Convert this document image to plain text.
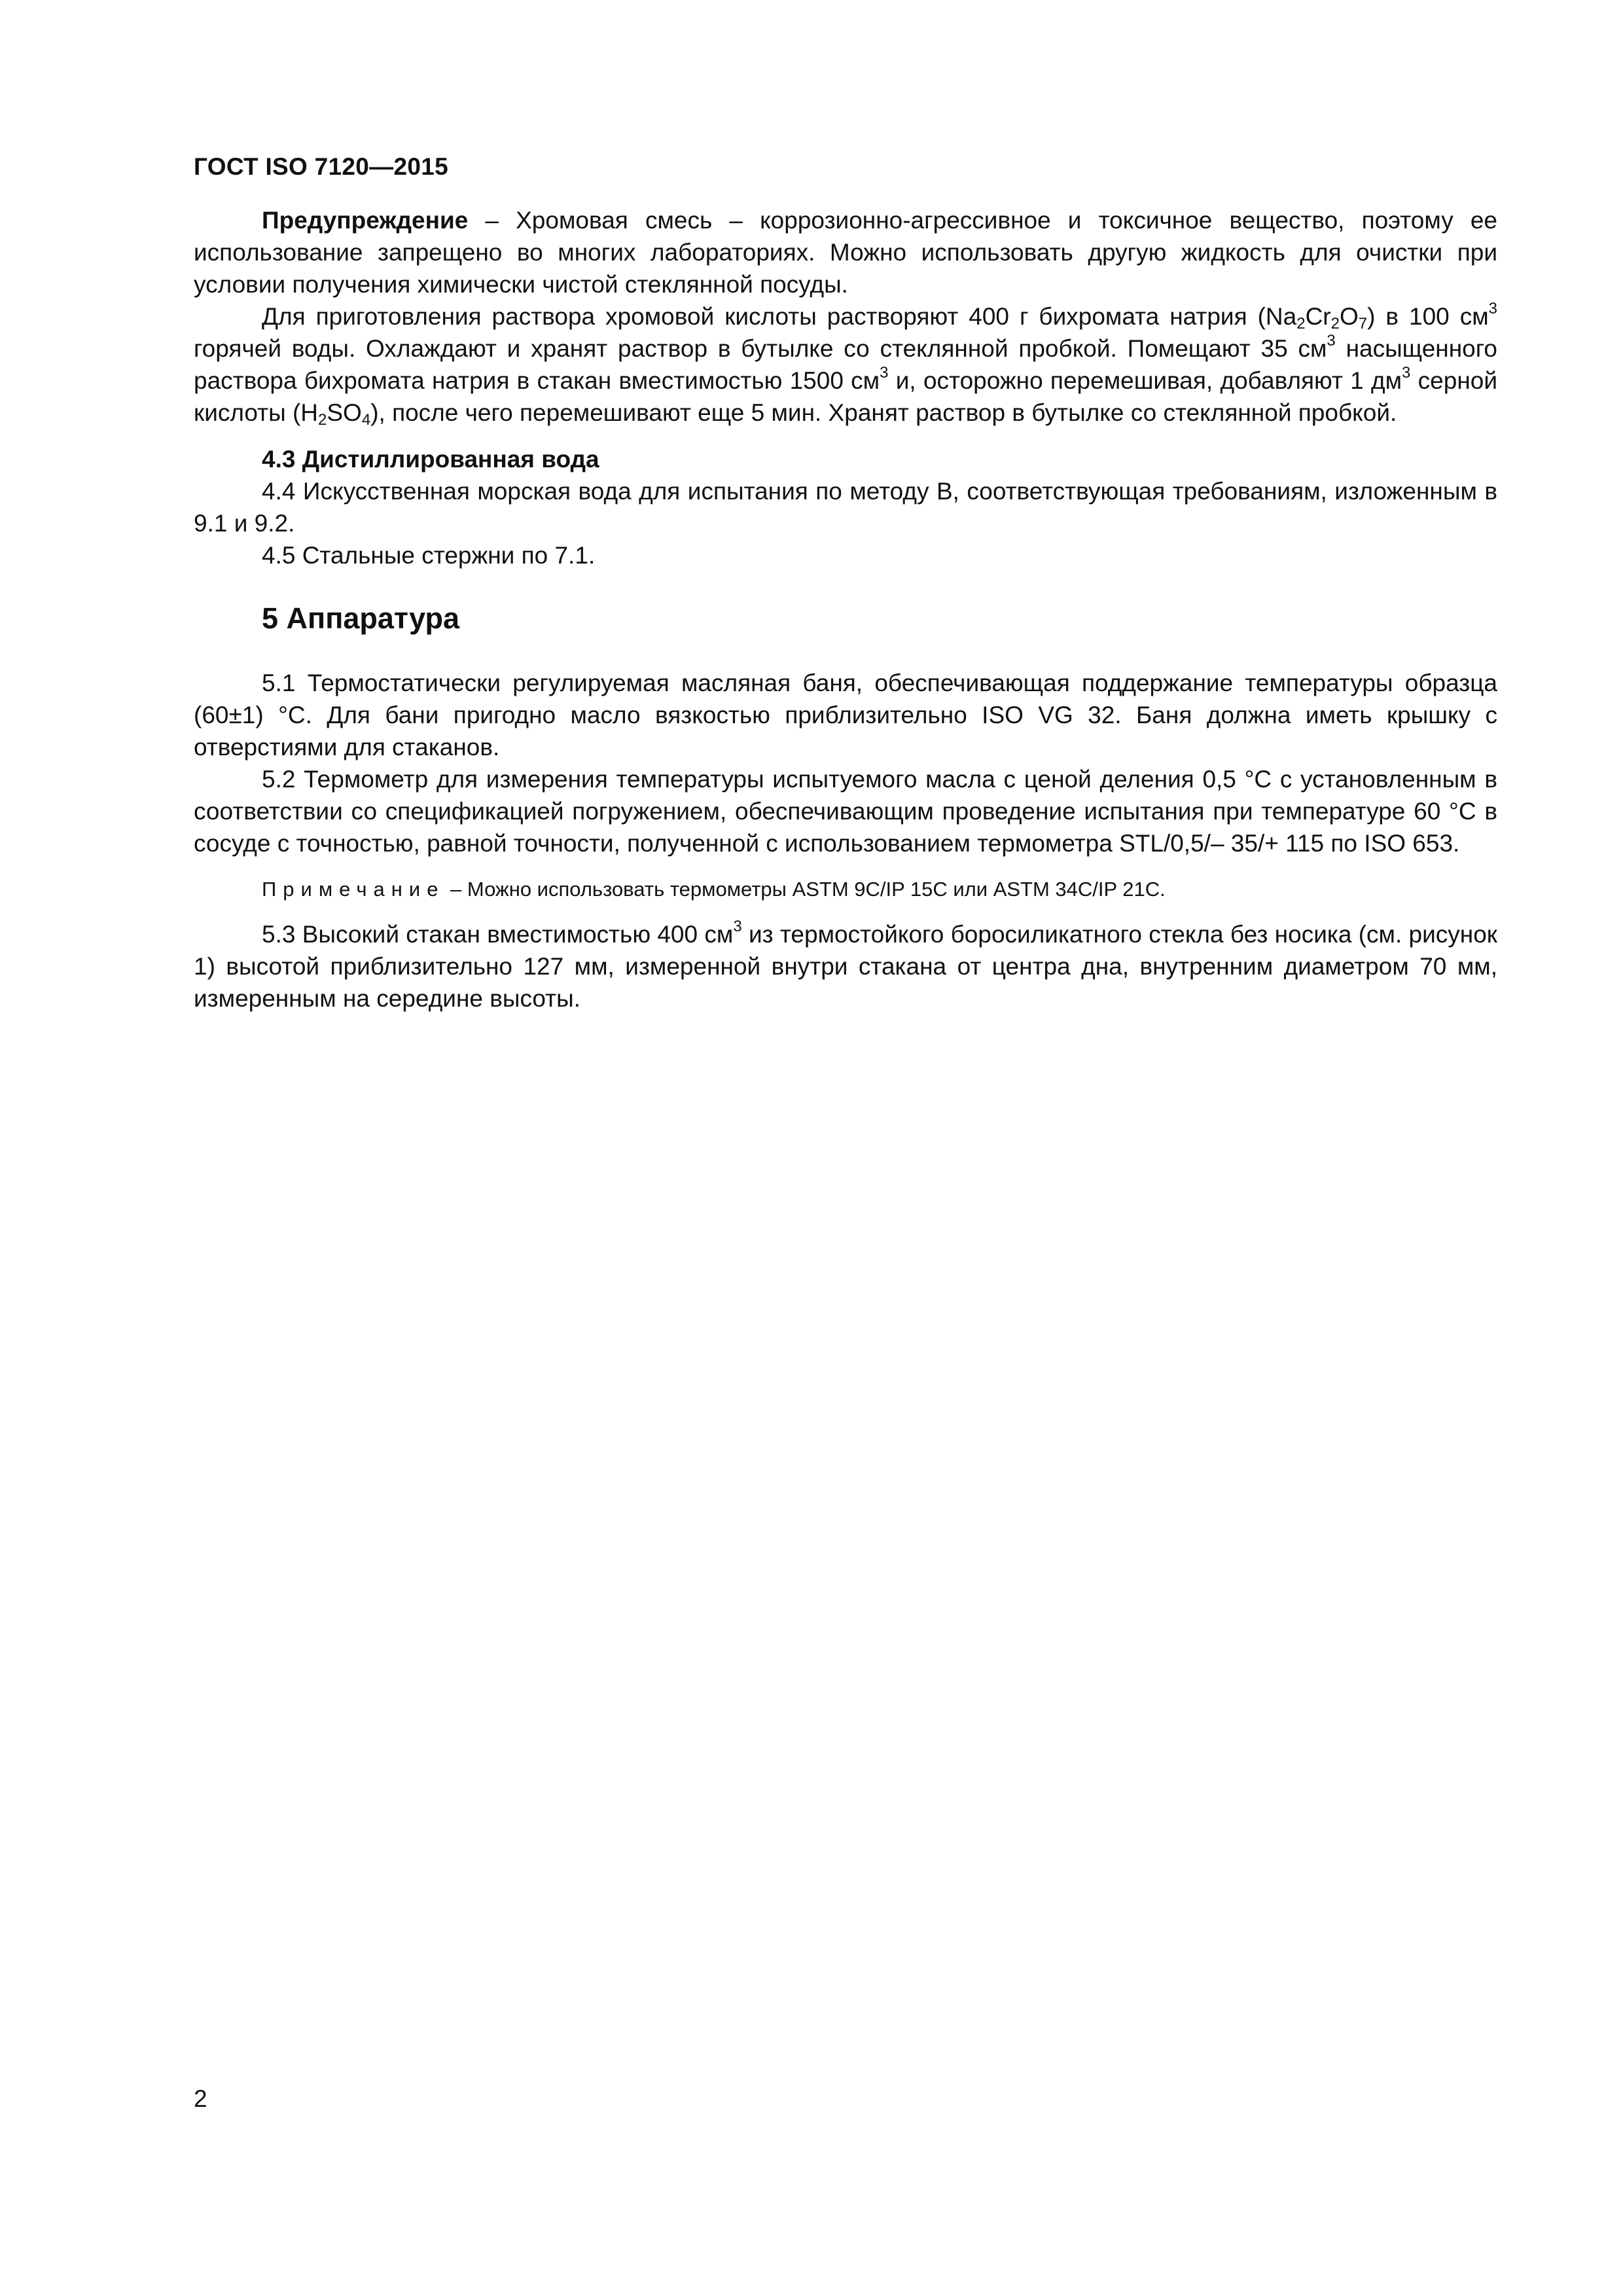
ГОСТ ISO 7120—2015

Предупреждение – Хромовая смесь – коррозионно-агрессивное и токсичное вещество, поэтому ее использование запрещено во многих лабораториях. Можно использовать другую жидкость для очистки при условии получения химически чистой стеклянной посуды.

Для приготовления раствора хромовой кислоты растворяют 400 г бихромата натрия $(Na_2Cr_2O_7)$ в 100 $см^3$ горячей воды. Охлаждают и хранят раствор в бутылке со стеклянной пробкой. Помещают 35 $см^3$ насыщенного раствора бихромата натрия в стакан вместимостью 1500 $см^3$ и, осторожно перемешивая, добавляют 1 $дм^3$ серной кислоты $(H_2SO_4)$, после чего перемешивают еще 5 мин. Хранят раствор в бутылке со стеклянной пробкой.

4.3 Дистиллированная вода

4.4 Искусственная морская вода для испытания по методу B, соответствующая требованиям, изложенным в 9.1 и 9.2.

4.5 Стальные стержни по 7.1.

5 Аппаратура

5.1 Термостатически регулируемая масляная баня, обеспечивающая поддержание температуры образца (60±1) °С. Для бани пригодно масло вязкостью приблизительно ISO VG 32. Баня должна иметь крышку с отверстиями для стаканов.

5.2 Термометр для измерения температуры испытуемого масла с ценой деления 0,5 °С с установленным в соответствии со спецификацией погружением, обеспечивающим проведение испытания при температуре 60 °С в сосуде с точностью, равной точности, полученной с использованием термометра STL/0,5/– 35/+ 115 по ISO 653.

Примечание – Можно использовать термометры ASTM 9C/IP 15C или ASTM 34C/IP 21C.

5.3 Высокий стакан вместимостью 400 $см^3$ из термостойкого боросиликатного стекла без носика (см. рисунок 1) высотой приблизительно 127 мм, измеренной внутри стакана от центра дна, внутренним диаметром 70 мм, измеренным на середине высоты.

2
